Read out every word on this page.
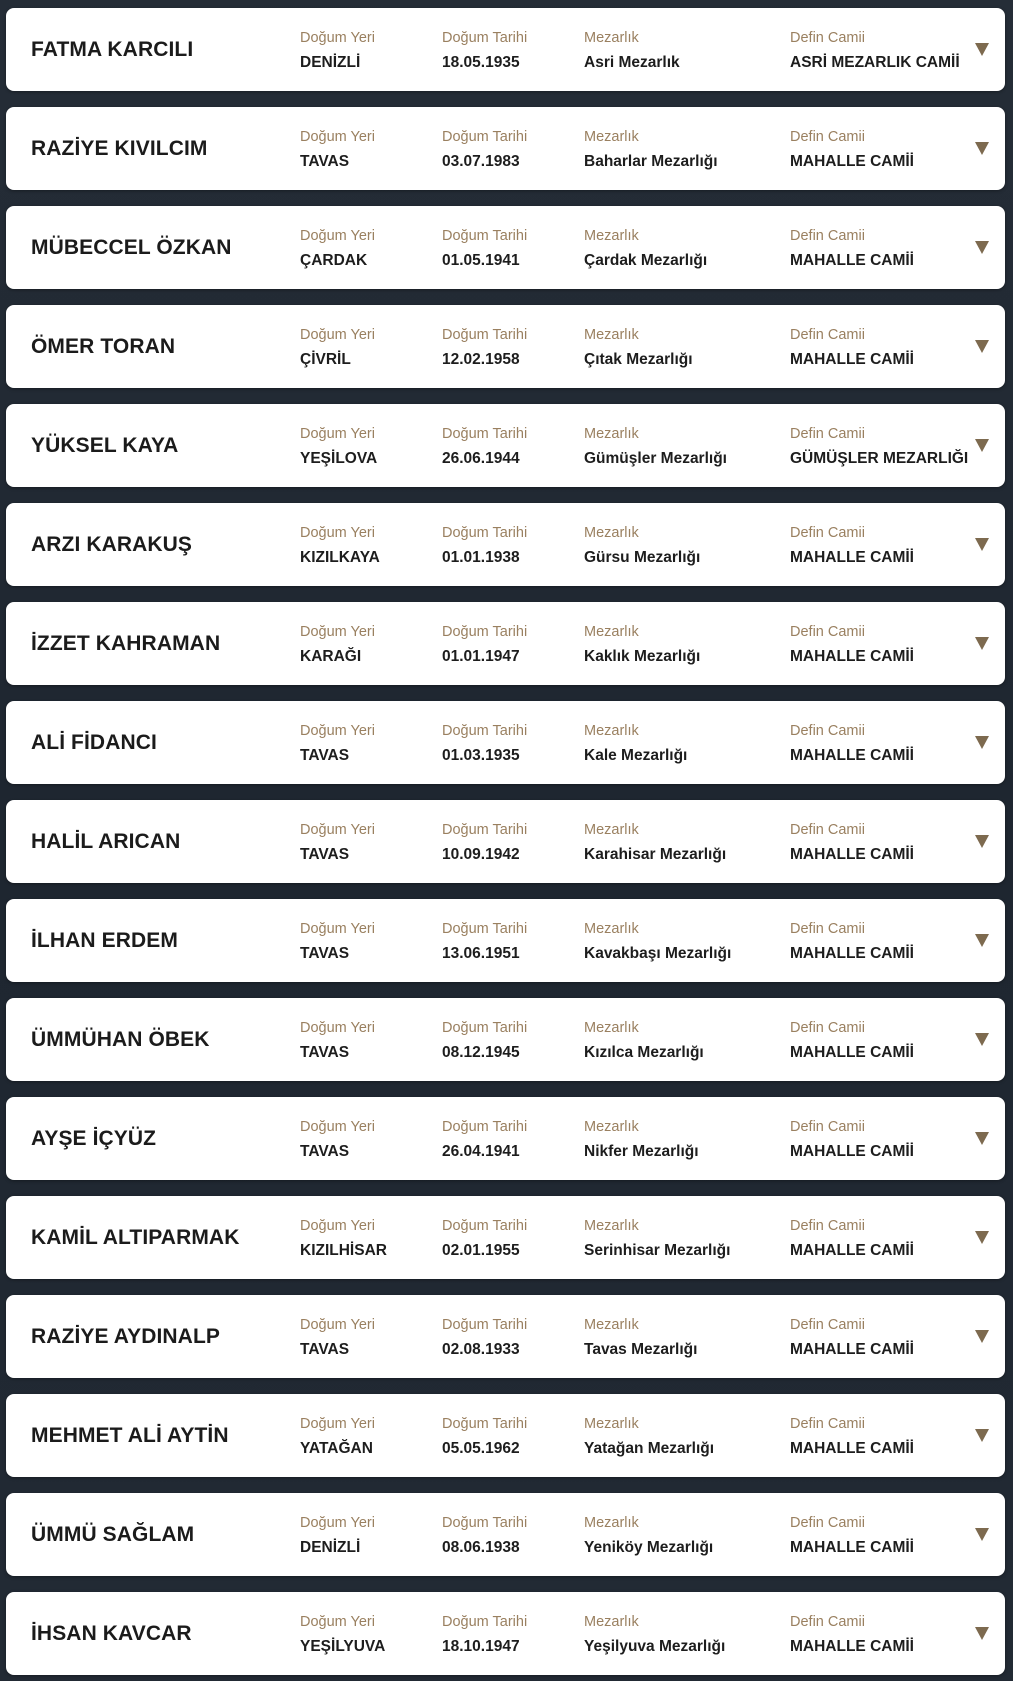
FATMA KARCILI	Doğum Yeri
DENİZLİ
Doğum Tarihi
18.05.1935
Mezarlık
Asri Mezarlık
Defin Camii
ASRİ MEZARLIK CAMİİ
RAZİYE KIVILCIM	Doğum Yeri
TAVAS
Doğum Tarihi
03.07.1983
Mezarlık
Baharlar Mezarlığı
Defin Camii
MAHALLE CAMİİ
MÜBECCEL ÖZKAN	Doğum Yeri
ÇARDAK
Doğum Tarihi
01.05.1941
Mezarlık
Çardak Mezarlığı
Defin Camii
MAHALLE CAMİİ
ÖMER TORAN	Doğum Yeri
ÇİVRİL
Doğum Tarihi
12.02.1958
Mezarlık
Çıtak Mezarlığı
Defin Camii
MAHALLE CAMİİ
YÜKSEL KAYA	Doğum Yeri
YEŞİLOVA
Doğum Tarihi
26.06.1944
Mezarlık
Gümüşler Mezarlığı
Defin Camii
GÜMÜŞLER MEZARLIĞI
ARZI KARAKUŞ	Doğum Yeri
KIZILKAYA
Doğum Tarihi
01.01.1938
Mezarlık
Gürsu Mezarlığı
Defin Camii
MAHALLE CAMİİ
İZZET KAHRAMAN	Doğum Yeri
KARAĞI
Doğum Tarihi
01.01.1947
Mezarlık
Kaklık Mezarlığı
Defin Camii
MAHALLE CAMİİ
ALİ FİDANCI	Doğum Yeri
TAVAS
Doğum Tarihi
01.03.1935
Mezarlık
Kale Mezarlığı
Defin Camii
MAHALLE CAMİİ
HALİL ARICAN	Doğum Yeri
TAVAS
Doğum Tarihi
10.09.1942
Mezarlık
Karahisar Mezarlığı
Defin Camii
MAHALLE CAMİİ
İLHAN ERDEM	Doğum Yeri
TAVAS
Doğum Tarihi
13.06.1951
Mezarlık
Kavakbaşı Mezarlığı
Defin Camii
MAHALLE CAMİİ
ÜMMÜHAN ÖBEK	Doğum Yeri
TAVAS
Doğum Tarihi
08.12.1945
Mezarlık
Kızılca Mezarlığı
Defin Camii
MAHALLE CAMİİ
AYŞE İÇYÜZ	Doğum Yeri
TAVAS
Doğum Tarihi
26.04.1941
Mezarlık
Nikfer Mezarlığı
Defin Camii
MAHALLE CAMİİ
KAMİL ALTIPARMAK	Doğum Yeri
KIZILHİSAR
Doğum Tarihi
02.01.1955
Mezarlık
Serinhisar Mezarlığı
Defin Camii
MAHALLE CAMİİ
RAZİYE AYDINALP	Doğum Yeri
TAVAS
Doğum Tarihi
02.08.1933
Mezarlık
Tavas Mezarlığı
Defin Camii
MAHALLE CAMİİ
MEHMET ALİ AYTİN	Doğum Yeri
YATAĞAN
Doğum Tarihi
05.05.1962
Mezarlık
Yatağan Mezarlığı
Defin Camii
MAHALLE CAMİİ
ÜMMÜ SAĞLAM	Doğum Yeri
DENİZLİ
Doğum Tarihi
08.06.1938
Mezarlık
Yeniköy Mezarlığı
Defin Camii
MAHALLE CAMİİ
İHSAN KAVCAR	Doğum Yeri
YEŞİLYUVA
Doğum Tarihi
18.10.1947
Mezarlık
Yeşilyuva Mezarlığı
Defin Camii
MAHALLE CAMİİ
